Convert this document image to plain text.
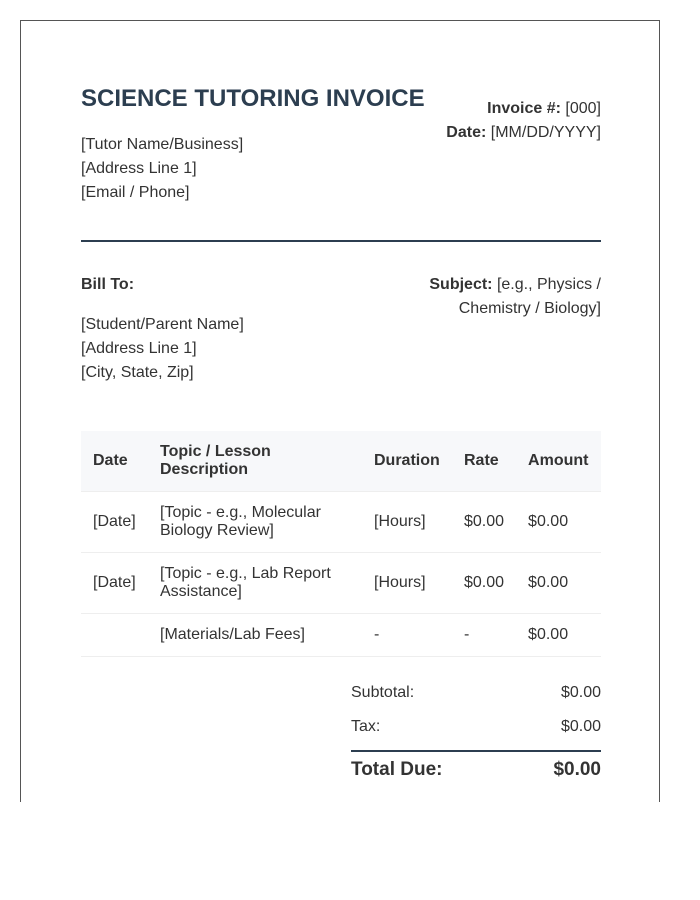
SCIENCE TUTORING INVOICE
[Tutor Name/Business]
[Address Line 1]
[Email / Phone]
Invoice #: [000]
Date: [MM/DD/YYYY]
Bill To:
[Student/Parent Name]
[Address Line 1]
[City, State, Zip]
Subject: [e.g., Physics / Chemistry / Biology]
Date	Topic / Lesson Description	Duration	Rate	Amount
[Date]	[Topic - e.g., Molecular Biology Review]	[Hours]	$0.00	$0.00
[Date]	[Topic - e.g., Lab Report Assistance]	[Hours]	$0.00	$0.00
	[Materials/Lab Fees]	-	-	$0.00
Subtotal:	$0.00
Tax:	$0.00
Total Due:	$0.00
